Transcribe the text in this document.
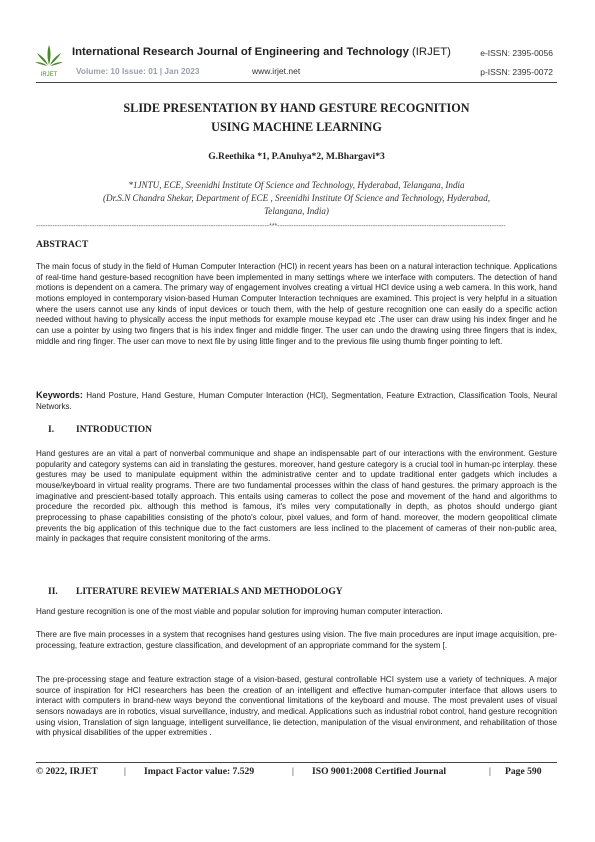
IRJET
International Research Journal of Engineering and Technology (IRJET)	e-ISSN: 2395-0056
Volume: 10 Issue: 01 | Jan 2023	www.irjet.net	p-ISSN: 2395-0072
SLIDE PRESENTATION BY HAND GESTURE RECOGNITION
USING MACHINE LEARNING
G.Reethika *1, P.Anuhya*2, M.Bhargavi*3
*1JNTU, ECE, Sreenidhi Institute Of Science and Technology, Hyderabad, Telangana, India
(Dr.S.N Chandra Shekar, Department of ECE , Sreenidhi Institute Of Science and Technology, Hyderabad,
Telangana, India)
----------------------------------------------------------------------------------------------------***--------------------------------------------------------------------------------------------------
ABSTRACT
The main focus of study in the field of Human Computer Interaction (HCI) in recent years has been on a natural interaction technique. Applications of real-time hand gesture-based recognition have been implemented in many settings where we interface with computers. The detection of hand motions is dependent on a camera. The primary way of engagement involves creating a virtual HCI device using a web camera. In this work, hand motions employed in contemporary vision-based Human Computer Interaction techniques are examined. This project is very helpful in a situation where the users cannot use any kinds of input devices or touch them, with the help of gesture recognition one can easily do a specific action needed without having to physically access the input methods for example mouse keypad etc .The user can draw using his index finger and he can use a pointer by using two fingers that is his index finger and middle finger. The user can undo the drawing using three fingers that is index, middle and ring finger. The user can move to next file by using little finger and to the previous file using thumb finger pointing to left.
Keywords: Hand Posture, Hand Gesture, Human Computer Interaction (HCI), Segmentation, Feature Extraction, Classification Tools, Neural Networks.
I. INTRODUCTION
Hand gestures are an vital a part of nonverbal communique and shape an indispensable part of our interactions with the environment. Gesture popularity and category systems can aid in translating the gestures. moreover, hand gesture category is a crucial tool in human-pc interplay. these gestures may be used to manipulate equipment within the administrative center and to update traditional enter gadgets which includes a mouse/keyboard in virtual reality programs. There are two fundamental processes within the class of hand gestures. the primary approach is the imaginative and prescient-based totally approach. This entails using cameras to collect the pose and movement of the hand and algorithms to procedure the recorded pix. although this method is famous, it's miles very computationally in depth, as photos should undergo giant preprocessing to phase capabilities consisting of the photo's colour, pixel values, and form of hand. moreover, the modern geopolitical climate prevents the big application of this technique due to the fact customers are less inclined to the placement of cameras of their non-public area, mainly in packages that require consistent monitoring of the arms.
II. LITERATURE REVIEW MATERIALS AND METHODOLOGY
Hand gesture recognition is one of the most viable and popular solution for improving human computer interaction.
There are five main processes in a system that recognises hand gestures using vision. The five main procedures are input image acquisition, pre-processing, feature extraction, gesture classification, and development of an appropriate command for the system [.
The pre-processing stage and feature extraction stage of a vision-based, gestural controllable HCI system use a variety of techniques. A major source of inspiration for HCI researchers has been the creation of an intelligent and effective human-computer interface that allows users to interact with computers in brand-new ways beyond the conventional limitations of the keyboard and mouse. The most prevalent uses of visual sensors nowadays are in robotics, visual surveillance, industry, and medical. Applications such as industrial robot control, hand gesture recognition using vision, Translation of sign language, intelligent surveillance, lie detection, manipulation of the visual environment, and rehabilitation of those with physical disabilities of the upper extremities .
© 2022, IRJET	| Impact Factor value: 7.529	| ISO 9001:2008 Certified Journal	| Page 590
